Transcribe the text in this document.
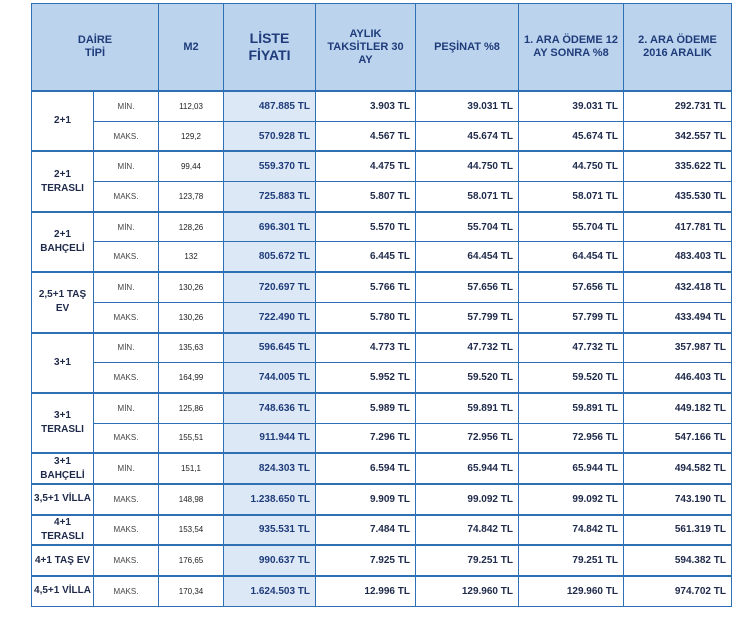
DAİRE
TİPİ		M2	LİSTE FİYATI	AYLIK TAKSİTLER 30 AY	PEŞİNAT %8	1. ARA ÖDEME 12 AY SONRA %8	2. ARA ÖDEME 2016 ARALIK
2+1	MİN.	112,03	487.885 TL	3.903 TL	39.031 TL	39.031 TL	292.731 TL
	MAKS.	129,2	570.928 TL	4.567 TL	45.674 TL	45.674 TL	342.557 TL
2+1 TERASLI	MİN.	99,44	559.370 TL	4.475 TL	44.750 TL	44.750 TL	335.622 TL
	MAKS.	123,78	725.883 TL	5.807 TL	58.071 TL	58.071 TL	435.530 TL
2+1 BAHÇELİ	MİN.	128,26	696.301 TL	5.570 TL	55.704 TL	55.704 TL	417.781 TL
	MAKS.	132	805.672 TL	6.445 TL	64.454 TL	64.454 TL	483.403 TL
2,5+1 TAŞ EV	MİN.	130,26	720.697 TL	5.766 TL	57.656 TL	57.656 TL	432.418 TL
	MAKS.	130,26	722.490 TL	5.780 TL	57.799 TL	57.799 TL	433.494 TL
3+1	MİN.	135,63	596.645 TL	4.773 TL	47.732 TL	47.732 TL	357.987 TL
	MAKS.	164,99	744.005 TL	5.952 TL	59.520 TL	59.520 TL	446.403 TL
3+1 TERASLI	MİN.	125,86	748.636 TL	5.989 TL	59.891 TL	59.891 TL	449.182 TL
	MAKS.	155,51	911.944 TL	7.296 TL	72.956 TL	72.956 TL	547.166 TL
3+1 BAHÇELİ	MİN.	151,1	824.303 TL	6.594 TL	65.944 TL	65.944 TL	494.582 TL
3,5+1 VİLLA	MAKS.	148,98	1.238.650 TL	9.909 TL	99.092 TL	99.092 TL	743.190 TL
4+1 TERASLI	MAKS.	153,54	935.531 TL	7.484 TL	74.842 TL	74.842 TL	561.319 TL
4+1 TAŞ EV	MAKS.	176,65	990.637 TL	7.925 TL	79.251 TL	79.251 TL	594.382 TL
4,5+1 VİLLA	MAKS.	170,34	1.624.503 TL	12.996 TL	129.960 TL	129.960 TL	974.702 TL
